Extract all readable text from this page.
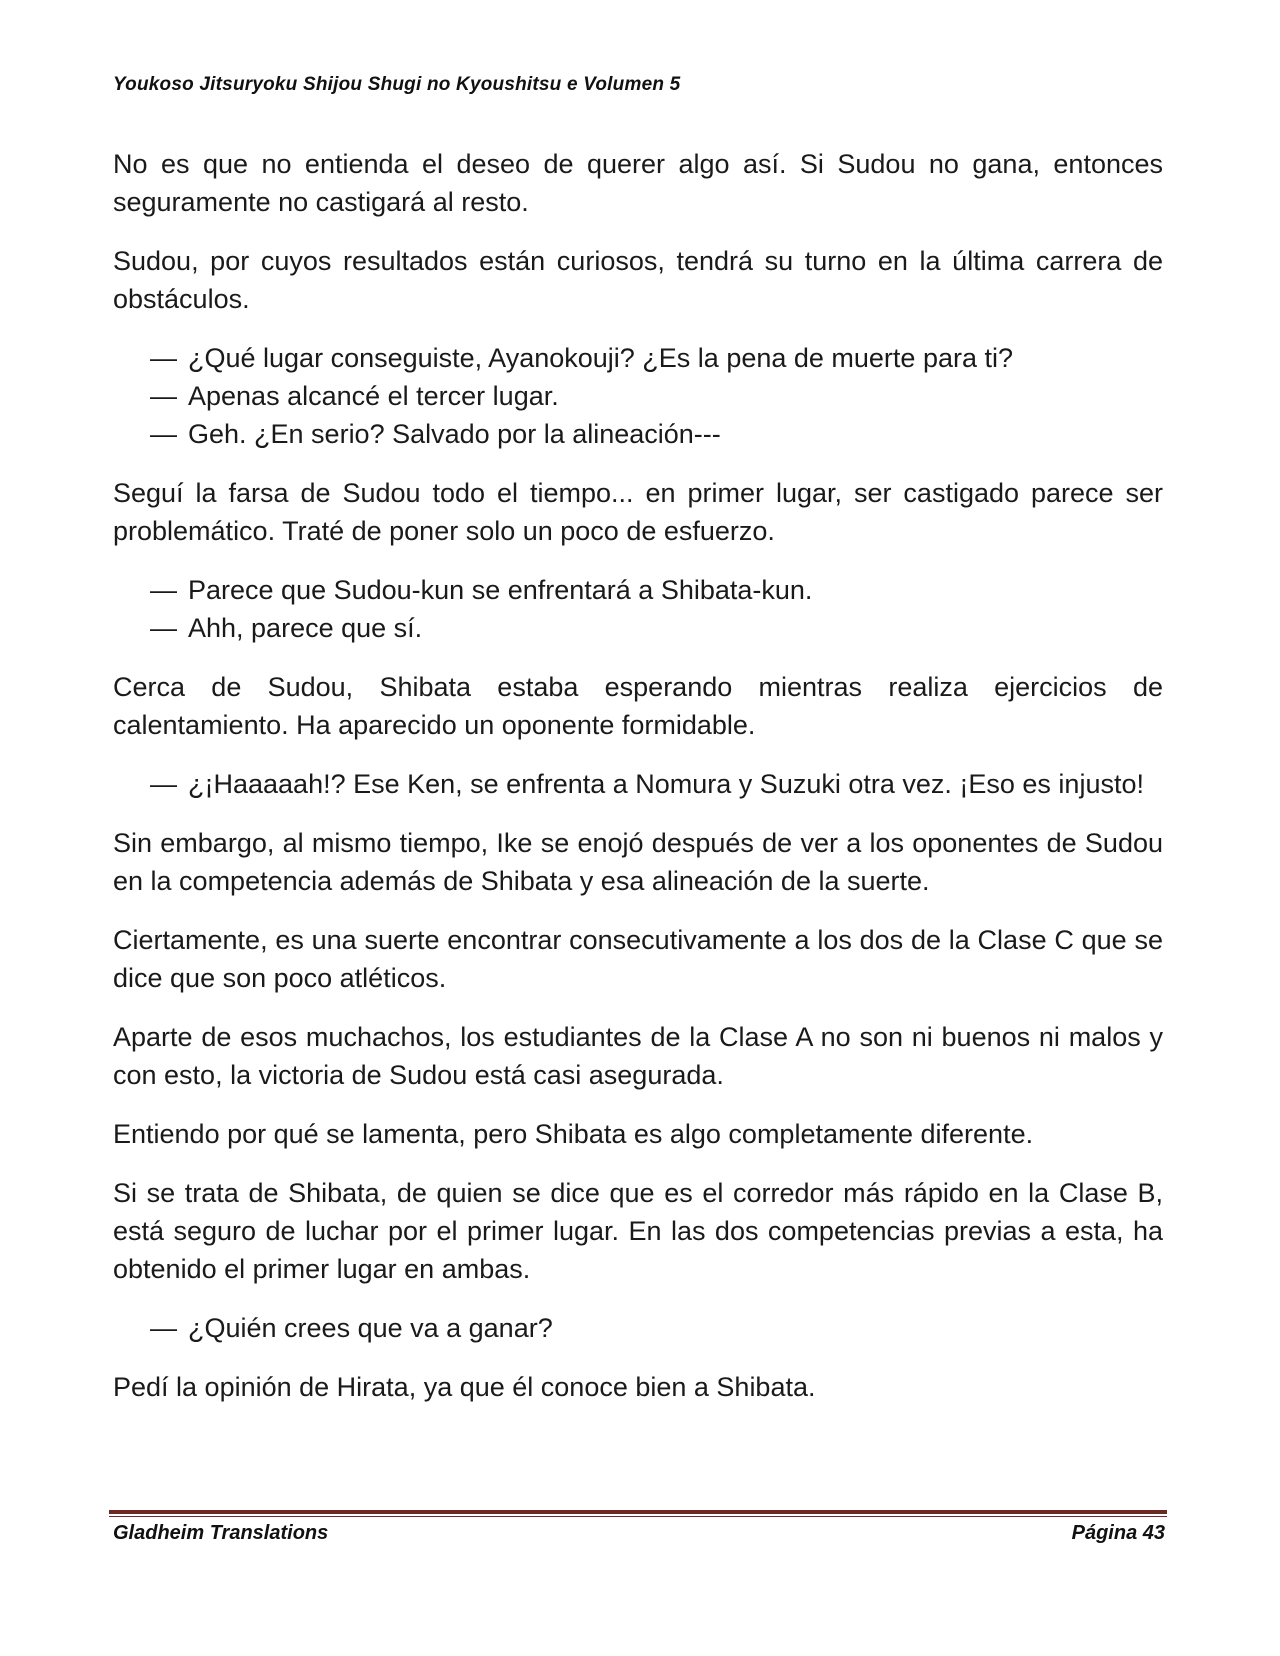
Youkoso Jitsuryoku Shijou Shugi no Kyoushitsu e Volumen 5

No es que no entienda el deseo de querer algo así. Si Sudou no gana, entonces seguramente no castigará al resto.

Sudou, por cuyos resultados están curiosos, tendrá su turno en la última carrera de obstáculos.

— ¿Qué lugar conseguiste, Ayanokouji? ¿Es la pena de muerte para ti?

— Apenas alcancé el tercer lugar.

— Geh. ¿En serio? Salvado por la alineación---

Seguí la farsa de Sudou todo el tiempo... en primer lugar, ser castigado parece ser problemático. Traté de poner solo un poco de esfuerzo.

— Parece que Sudou-kun se enfrentará a Shibata-kun.

— Ahh, parece que sí.

Cerca de Sudou, Shibata estaba esperando mientras realiza ejercicios de calentamiento. Ha aparecido un oponente formidable.

— ¿¡Haaaaah!? Ese Ken, se enfrenta a Nomura y Suzuki otra vez. ¡Eso es injusto!

Sin embargo, al mismo tiempo, Ike se enojó después de ver a los oponentes de Sudou en la competencia además de Shibata y esa alineación de la suerte.

Ciertamente, es una suerte encontrar consecutivamente a los dos de la Clase C que se dice que son poco atléticos.

Aparte de esos muchachos, los estudiantes de la Clase A no son ni buenos ni malos y con esto, la victoria de Sudou está casi asegurada.

Entiendo por qué se lamenta, pero Shibata es algo completamente diferente.

Si se trata de Shibata, de quien se dice que es el corredor más rápido en la Clase B, está seguro de luchar por el primer lugar. En las dos competencias previas a esta, ha obtenido el primer lugar en ambas.

— ¿Quién crees que va a ganar?

Pedí la opinión de Hirata, ya que él conoce bien a Shibata.

Gladheim Translations	Página 43
